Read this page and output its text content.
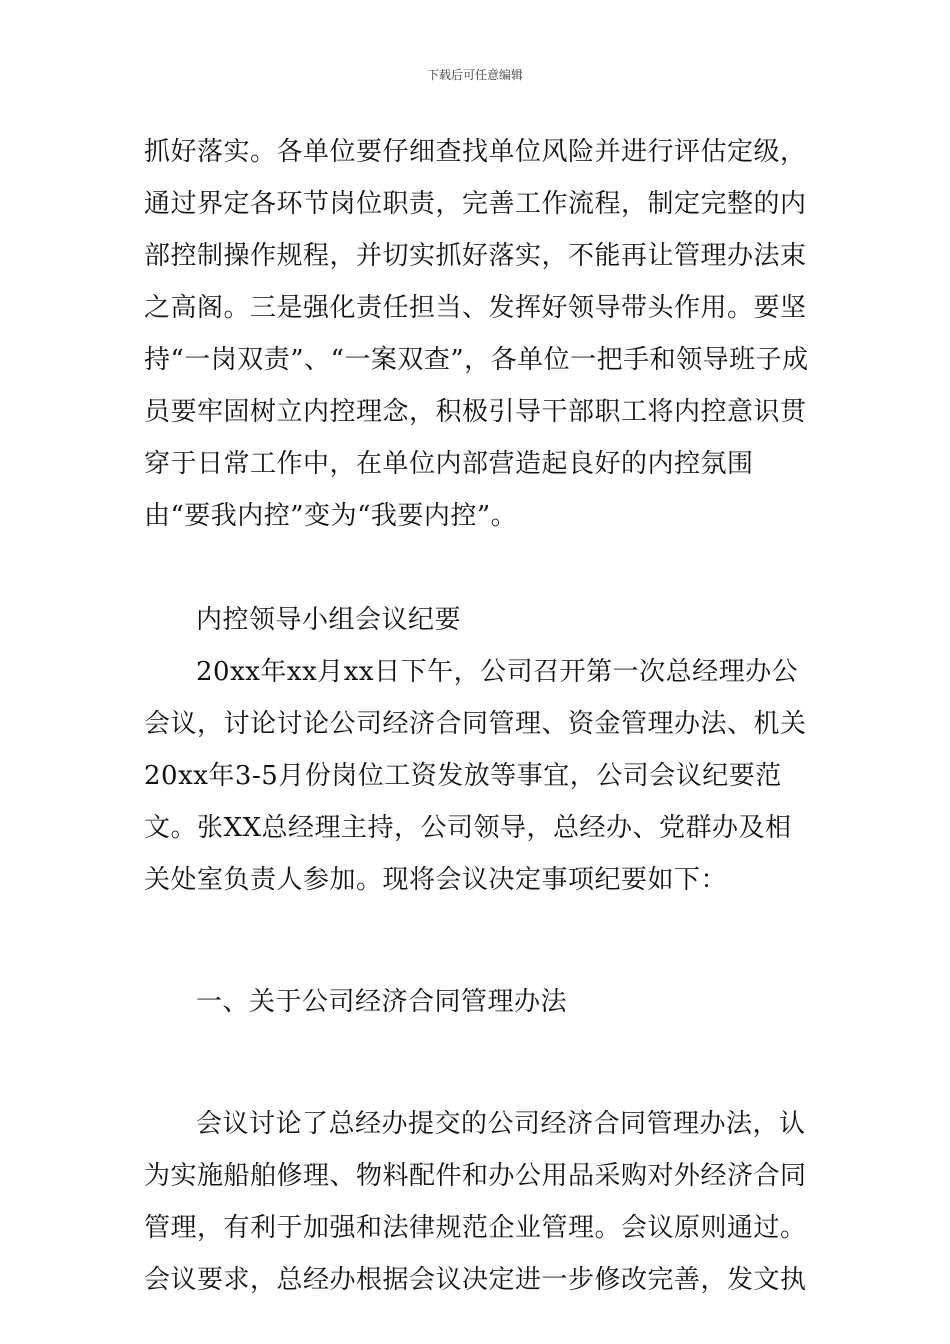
下载后可任意编辑

抓好落实。各单位要仔细查找单位风险并进行评估定级，通过界定各环节岗位职责，完善工作流程，制定完整的内部控制操作规程，并切实抓好落实，不能再让管理办法束之高阁。三是强化责任担当、发挥好领导带头作用。要坚持“一岗双责”、“一案双查”，各单位一把手和领导班子成员要牢固树立内控理念，积极引导干部职工将内控意识贯穿于日常工作中，在单位内部营造起良好的内控氛围由“要我内控”变为“我要内控”。

内控领导小组会议纪要

20xx年xx月xx日下午，公司召开第一次总经理办公会议，讨论讨论公司经济合同管理、资金管理办法、机关20xx年3-5月份岗位工资发放等事宜，公司会议纪要范文。张XX总经理主持，公司领导，总经办、党群办及相关处室负责人参加。现将会议决定事项纪要如下：

一、关于公司经济合同管理办法

会议讨论了总经办提交的公司经济合同管理办法，认为实施船舶修理、物料配件和办公用品采购对外经济合同管理，有利于加强和法律规范企业管理。会议原则通过。会议要求，总经办根据会议决定进一步修改完善，发文执
